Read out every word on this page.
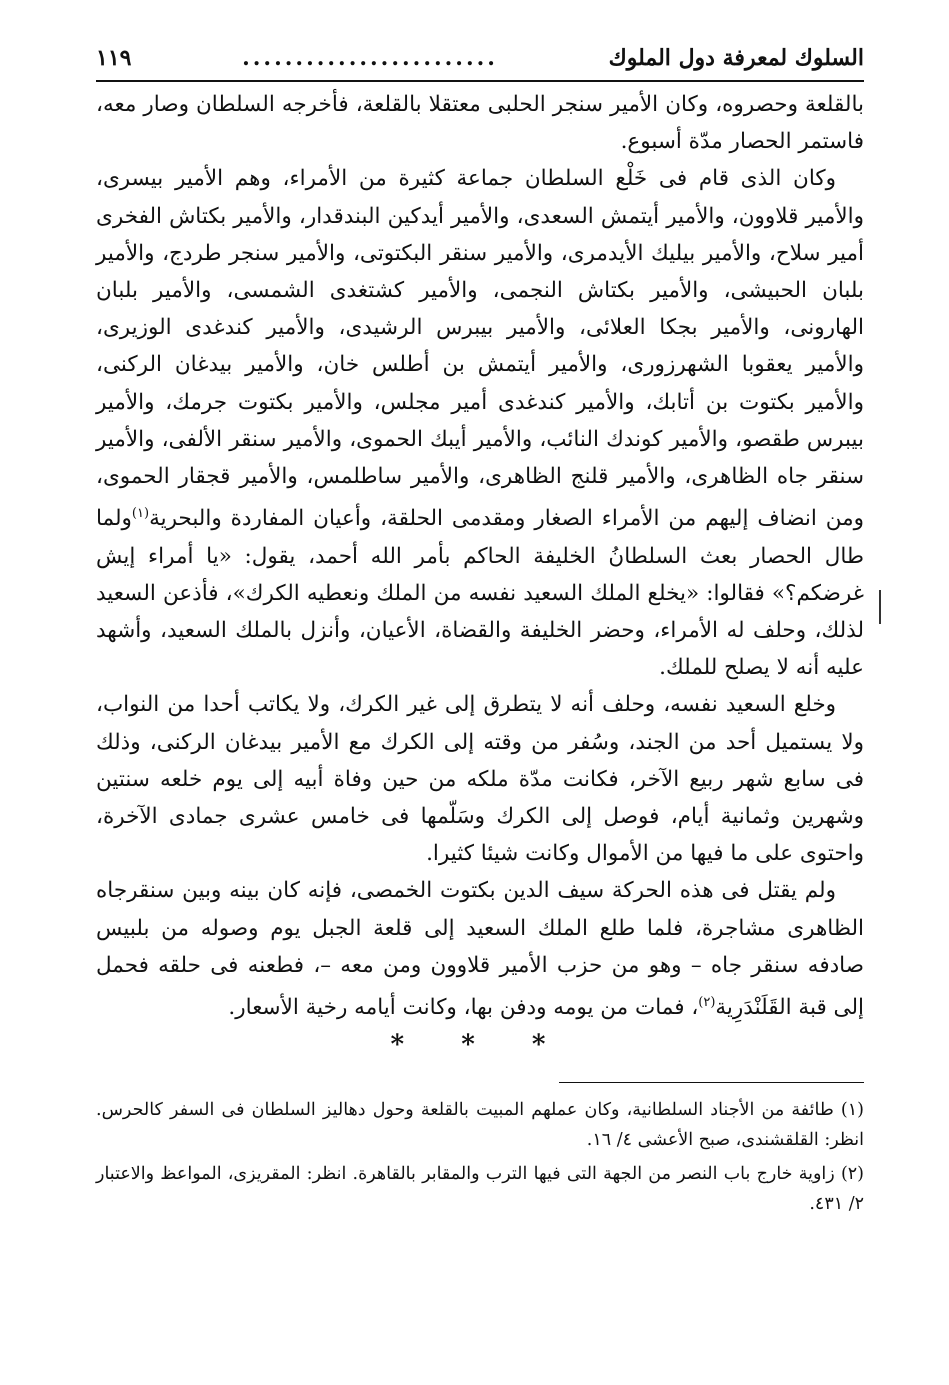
السلوك لمعرفة دول الملوك
........................
١١٩

بالقلعة وحصروه، وكان الأمير سنجر الحلبى معتقلا بالقلعة، فأخرجه السلطان وصار معه، فاستمر الحصار مدّة أسبوع.

وكان الذى قام فى خَلْع السلطان جماعة كثيرة من الأمراء، وهم الأمير بيسرى، والأمير قلاوون، والأمير أيتمش السعدى، والأمير أيدكين البندقدار، والأمير بكتاش الفخرى أمير سلاح، والأمير بيليك الأيدمرى، والأمير سنقر البكتوتى، والأمير سنجر طردج، والأمير بلبان الحبيشى، والأمير بكتاش النجمى، والأمير كشتغدى الشمسى، والأمير بلبان الهارونى، والأمير بجكا العلائى، والأمير بيبرس الرشيدى، والأمير كندغدى الوزيرى، والأمير يعقوبا الشهرزورى، والأمير أيتمش بن أطلس خان، والأمير بيدغان الركنى، والأمير بكتوت بن أتابك، والأمير كندغدى أمير مجلس، والأمير بكتوت جرمك، والأمير بيبرس طقصو، والأمير كوندك النائب، والأمير أيبك الحموى، والأمير سنقر الألفى، والأمير سنقر جاه الظاهرى، والأمير قلنج الظاهرى، والأمير ساطلمس، والأمير قجقار الحموى، ومن انضاف إليهم من الأمراء الصغار ومقدمى الحلقة، وأعيان المفاردة والبحرية$^{(١)}$ولما طال الحصار بعث السلطانُ الخليفة الحاكم بأمر الله أحمد، يقول: «يا أمراء إيش غرضكم؟» فقالوا: «يخلع الملك السعيد نفسه من الملك ونعطيه الكرك»، فأذعن السعيد لذلك، وحلف له الأمراء، وحضر الخليفة والقضاة، الأعيان، وأنزل بالملك السعيد، وأشهد عليه أنه لا يصلح للملك.

وخلع السعيد نفسه، وحلف أنه لا يتطرق إلى غير الكرك، ولا يكاتب أحدا من النواب، ولا يستميل أحد من الجند، وسُفر من وقته إلى الكرك مع الأمير بيدغان الركنى، وذلك فى سابع شهر ربيع الآخر، فكانت مدّة ملكه من حين وفاة أبيه إلى يوم خلعه سنتين وشهرين وثمانية أيام، فوصل إلى الكرك وسَلّمها فى خامس عشرى جمادى الآخرة، واحتوى على ما فيها من الأموال وكانت شيئا كثيرا.

ولم يقتل فى هذه الحركة سيف الدين بكتوت الخمصى، فإنه كان بينه وبين سنقرجاه الظاهرى مشاجرة، فلما طلع الملك السعيد إلى قلعة الجبل يوم وصوله من بلبيس صادفه سنقر جاه – وهو من حزب الأمير قلاوون ومن معه –، فطعنه فى حلقه فحمل إلى قبة القَلَنْدَرِية$^{(٢)}$، فمات من يومه ودفن بها، وكانت أيامه رخية الأسعار.

* * *

(١) طائفة من الأجناد السلطانية، وكان عملهم المبيت بالقلعة وحول دهاليز السلطان فى السفر كالحرس. انظر: القلقشندى، صبح الأعشى ٤/ ١٦.

(٢) زاوية خارج باب النصر من الجهة التى فيها الترب والمقابر بالقاهرة. انظر: المقريزى، المواعظ والاعتبار ٢/ ٤٣١.
